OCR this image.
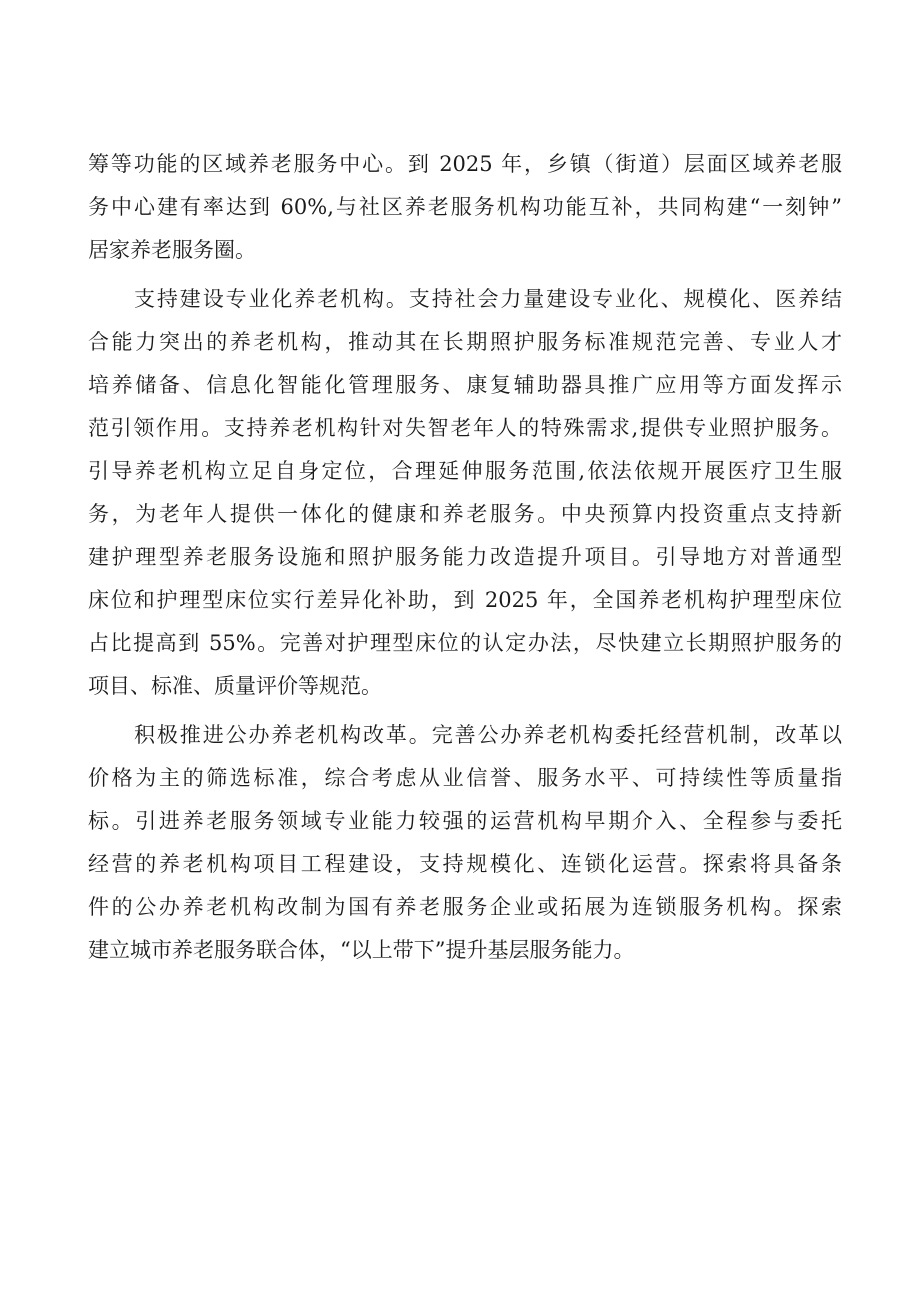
筹等功能的区域养老服务中心。到 2025 年，乡镇（街道）层面区域养老服
务中心建有率达到 60%,与社区养老服务机构功能互补，共同构建“一刻钟”
居家养老服务圈。
支持建设专业化养老机构。支持社会力量建设专业化、规模化、医养结
合能力突出的养老机构，推动其在长期照护服务标准规范完善、专业人才
培养储备、信息化智能化管理服务、康复辅助器具推广应用等方面发挥示
范引领作用。支持养老机构针对失智老年人的特殊需求,提供专业照护服务。
引导养老机构立足自身定位，合理延伸服务范围,依法依规开展医疗卫生服
务，为老年人提供一体化的健康和养老服务。中央预算内投资重点支持新
建护理型养老服务设施和照护服务能力改造提升项目。引导地方对普通型
床位和护理型床位实行差异化补助，到 2025 年，全国养老机构护理型床位
占比提高到 55%。完善对护理型床位的认定办法，尽快建立长期照护服务的
项目、标准、质量评价等规范。
积极推进公办养老机构改革。完善公办养老机构委托经营机制，改革以
价格为主的筛选标准，综合考虑从业信誉、服务水平、可持续性等质量指
标。引进养老服务领域专业能力较强的运营机构早期介入、全程参与委托
经营的养老机构项目工程建设，支持规模化、连锁化运营。探索将具备条
件的公办养老机构改制为国有养老服务企业或拓展为连锁服务机构。探索
建立城市养老服务联合体，“以上带下”提升基层服务能力。
